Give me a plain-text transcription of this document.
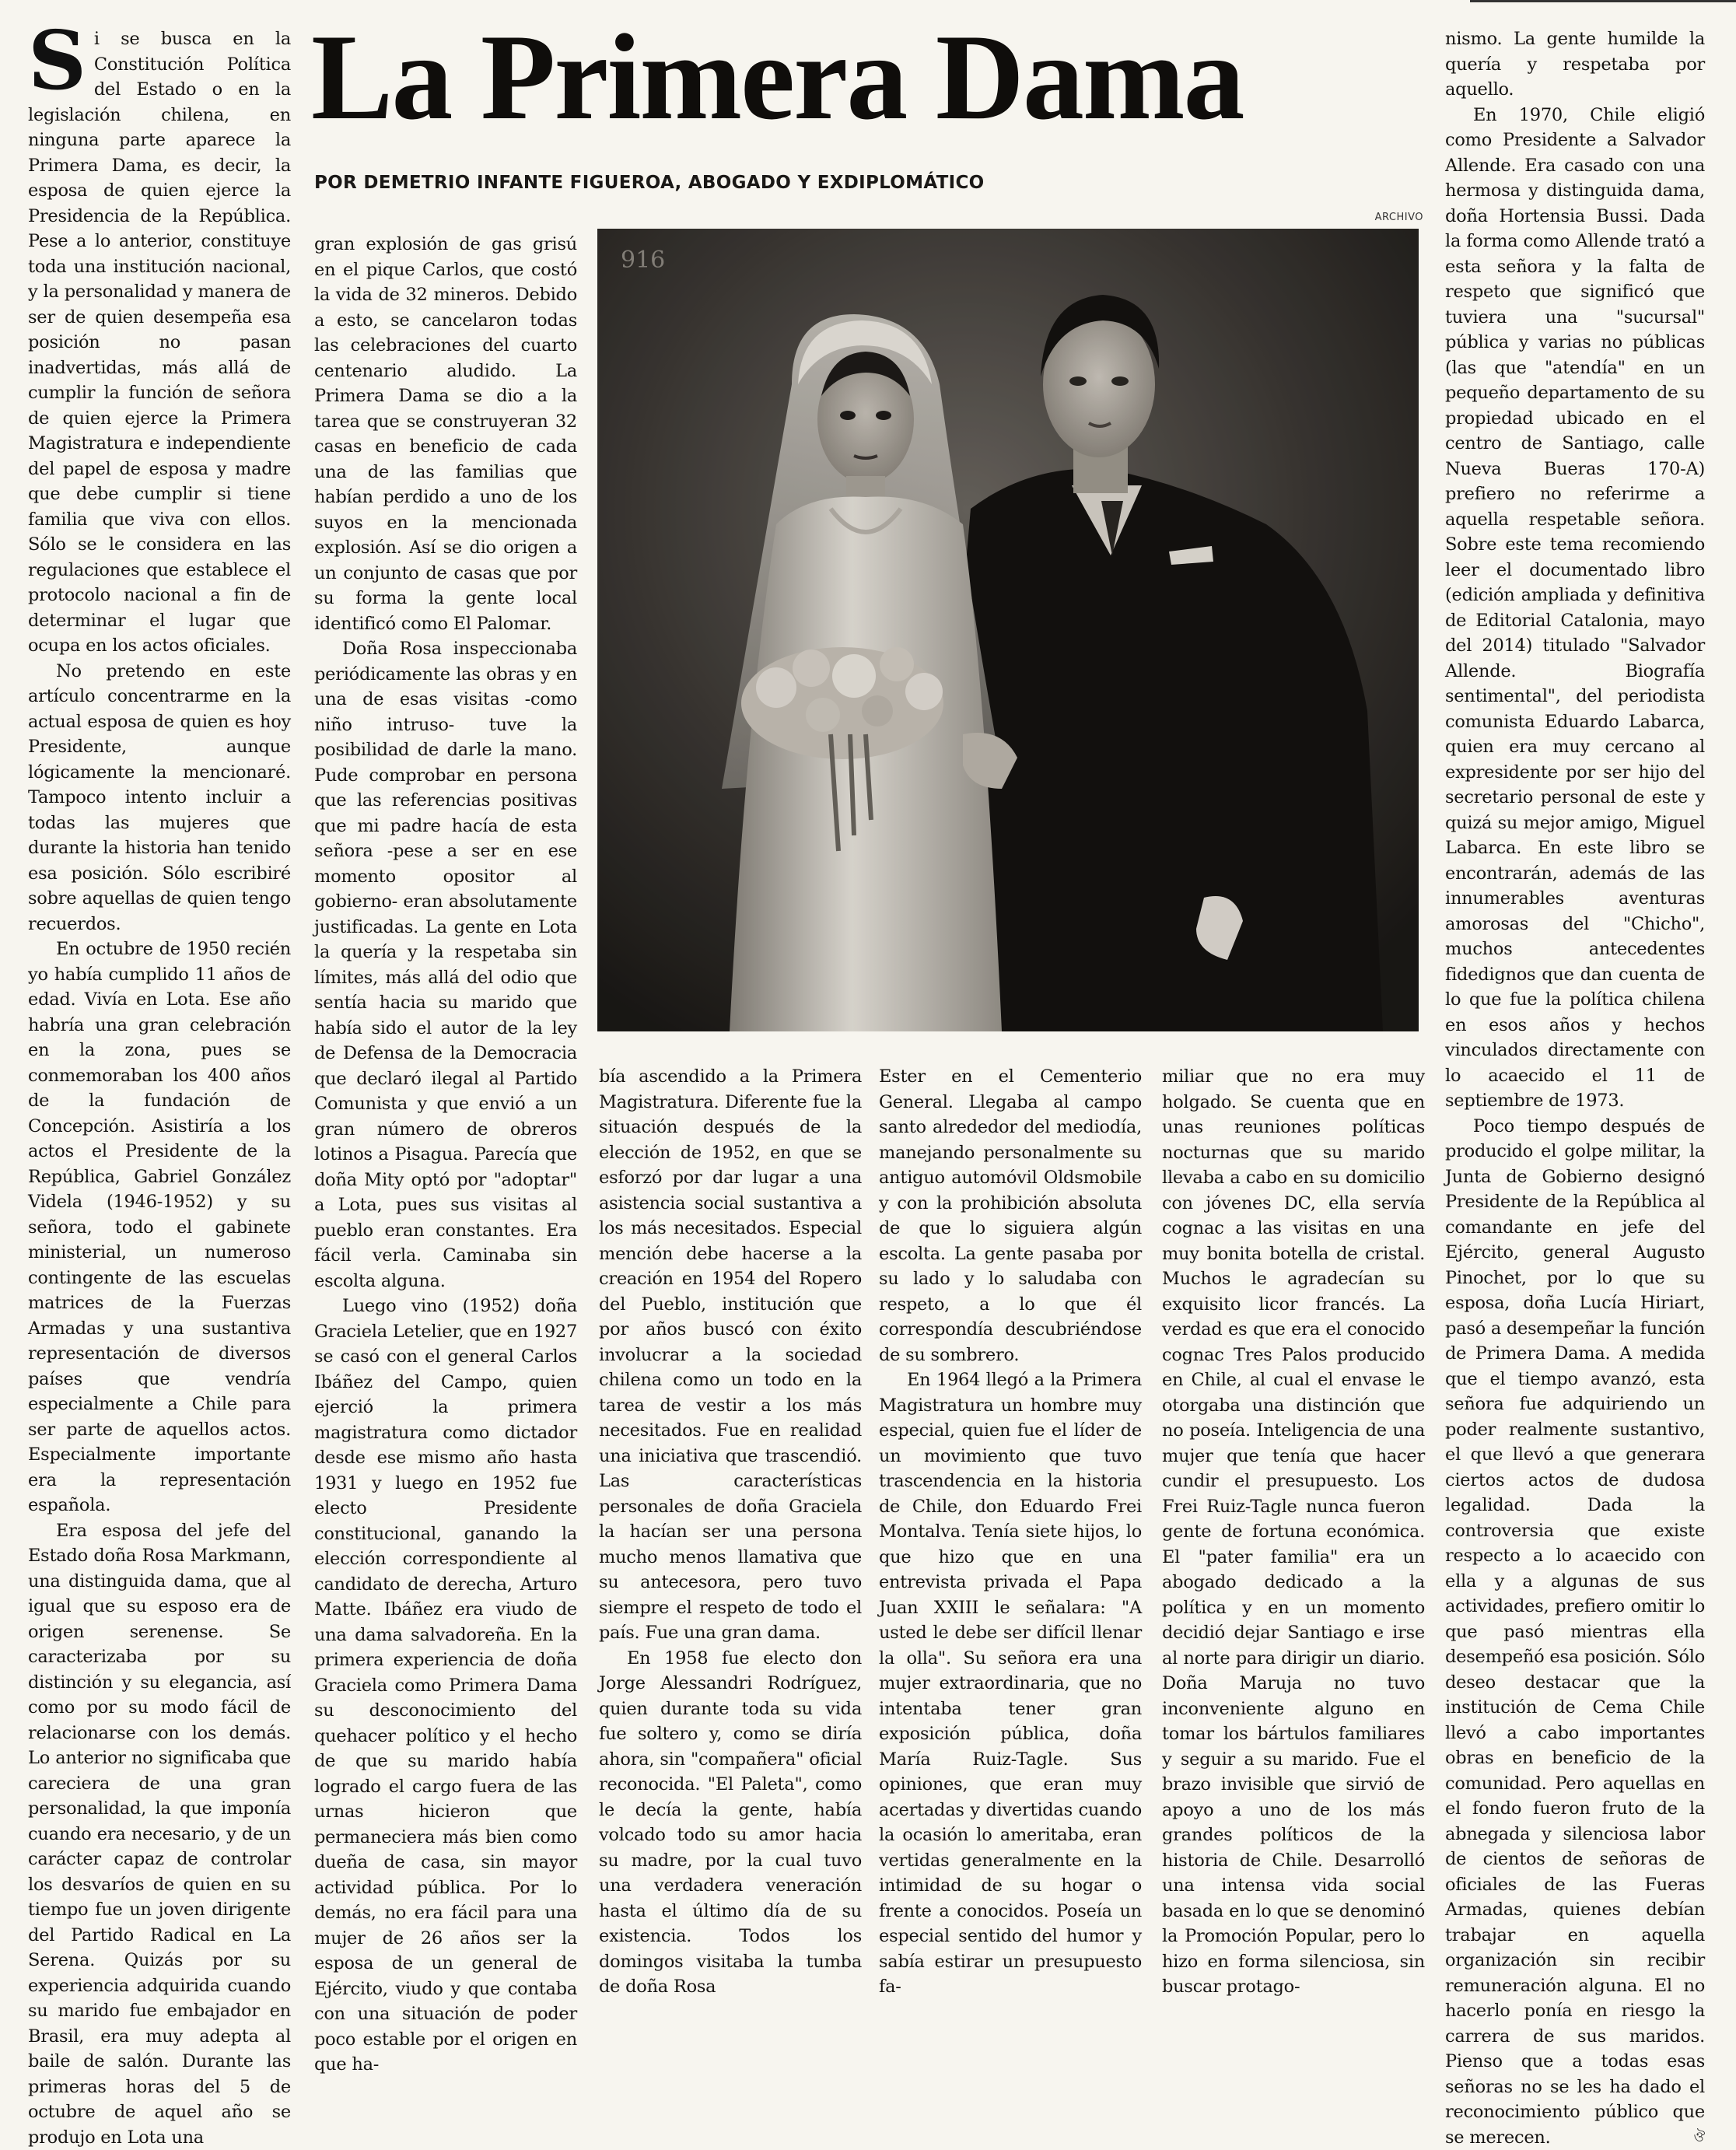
Si se busca en la Constitución Política del Estado o en la legislación chilena, en ninguna parte aparece la Primera Dama, es decir, la esposa de quien ejerce la Presidencia de la República. Pese a lo anterior, constituye toda una institución nacional, y la personalidad y manera de ser de quien desempeña esa posición no pasan inadvertidas, más allá de cumplir la función de señora de quien ejerce la Primera Magistratura e independiente del papel de esposa y madre que debe cumplir si tiene familia que viva con ellos. Sólo se le considera en las regulaciones que establece el protocolo nacional a fin de determinar el lugar que ocupa en los actos oficiales.

No pretendo en este artículo concentrarme en la actual esposa de quien es hoy Presidente, aunque lógicamente la mencionaré. Tampoco intento incluir a todas las mujeres que durante la historia han tenido esa posición. Sólo escribiré sobre aquellas de quien tengo recuerdos.

En octubre de 1950 recién yo había cumplido 11 años de edad. Vivía en Lota. Ese año habría una gran celebración en la zona, pues se conmemoraban los 400 años de la fundación de Concepción. Asistiría a los actos el Presidente de la República, Gabriel González Videla (1946-1952) y su señora, todo el gabinete ministerial, un numeroso contingente de las escuelas matrices de la Fuerzas Armadas y una sustantiva representación de diversos países que vendría especialmente a Chile para ser parte de aquellos actos. Especialmente importante era la representación española.

Era esposa del jefe del Estado doña Rosa Markmann, una distinguida dama, que al igual que su esposo era de origen serenense. Se caracterizaba por su distinción y su elegancia, así como por su modo fácil de relacionarse con los demás. Lo anterior no significaba que careciera de una gran personalidad, la que imponía cuando era necesario, y de un carácter capaz de controlar los desvaríos de quien en su tiempo fue un joven dirigente del Partido Radical en La Serena. Quizás por su experiencia adquirida cuando su marido fue embajador en Brasil, era muy adepta al baile de salón. Durante las primeras horas del 5 de octubre de aquel año se produjo en Lota una

La Primera Dama
POR DEMETRIO INFANTE FIGUEROA, ABOGADO Y EXDIPLOMÁTICO
ARCHIVO
916

gran explosión de gas grisú en el pique Carlos, que costó la vida de 32 mineros. Debido a esto, se cancelaron todas las celebraciones del cuarto centenario aludido. La Primera Dama se dio a la tarea que se construyeran 32 casas en beneficio de cada una de las familias que habían perdido a uno de los suyos en la mencionada explosión. Así se dio origen a un conjunto de casas que por su forma la gente local identificó como El Palomar.

Doña Rosa inspeccionaba periódicamente las obras y en una de esas visitas -como niño intruso- tuve la posibilidad de darle la mano. Pude comprobar en persona que las referencias positivas que mi padre hacía de esta señora -pese a ser en ese momento opositor al gobierno- eran absolutamente justificadas. La gente en Lota la quería y la respetaba sin límites, más allá del odio que sentía hacia su marido que había sido el autor de la ley de Defensa de la Democracia que declaró ilegal al Partido Comunista y que envió a un gran número de obreros lotinos a Pisagua. Parecía que doña Mity optó por "adoptar" a Lota, pues sus visitas al pueblo eran constantes. Era fácil verla. Caminaba sin escolta alguna.

Luego vino (1952) doña Graciela Letelier, que en 1927 se casó con el general Carlos Ibáñez del Campo, quien ejerció la primera magistratura como dictador desde ese mismo año hasta 1931 y luego en 1952 fue electo Presidente constitucional, ganando la elección correspondiente al candidato de derecha, Arturo Matte. Ibáñez era viudo de una dama salvadoreña. En la primera experiencia de doña Graciela como Primera Dama su desconocimiento del quehacer político y el hecho de que su marido había logrado el cargo fuera de las urnas hicieron que permaneciera más bien como dueña de casa, sin mayor actividad pública. Por lo demás, no era fácil para una mujer de 26 años ser la esposa de un general de Ejército, viudo y que contaba con una situación de poder poco estable por el origen en que ha-

bía ascendido a la Primera Magistratura. Diferente fue la situación después de la elección de 1952, en que se esforzó por dar lugar a una asistencia social sustantiva a los más necesitados. Especial mención debe hacerse a la creación en 1954 del Ropero del Pueblo, institución que por años buscó con éxito involucrar a la sociedad chilena como un todo en la tarea de vestir a los más necesitados. Fue en realidad una iniciativa que trascendió. Las características personales de doña Graciela la hacían ser una persona mucho menos llamativa que su antecesora, pero tuvo siempre el respeto de todo el país. Fue una gran dama.

En 1958 fue electo don Jorge Alessandri Rodríguez, quien durante toda su vida fue soltero y, como se diría ahora, sin "compañera" oficial reconocida. "El Paleta", como le decía la gente, había volcado todo su amor hacia su madre, por la cual tuvo una verdadera veneración hasta el último día de su existencia. Todos los domingos visitaba la tumba de doña Rosa

Ester en el Cementerio General. Llegaba al campo santo alrededor del mediodía, manejando personalmente su antiguo automóvil Oldsmobile y con la prohibición absoluta de que lo siguiera algún escolta. La gente pasaba por su lado y lo saludaba con respeto, a lo que él correspondía descubriéndose de su sombrero.

En 1964 llegó a la Primera Magistratura un hombre muy especial, quien fue el líder de un movimiento que tuvo trascendencia en la historia de Chile, don Eduardo Frei Montalva. Tenía siete hijos, lo que hizo que en una entrevista privada el Papa Juan XXIII le señalara: "A usted le debe ser difícil llenar la olla". Su señora era una mujer extraordinaria, que no intentaba tener gran exposición pública, doña María Ruiz-Tagle. Sus opiniones, que eran muy acertadas y divertidas cuando la ocasión lo ameritaba, eran vertidas generalmente en la intimidad de su hogar o frente a conocidos. Poseía un especial sentido del humor y sabía estirar un presupuesto fa-

miliar que no era muy holgado. Se cuenta que en unas reuniones políticas nocturnas que su marido llevaba a cabo en su domicilio con jóvenes DC, ella servía cognac a las visitas en una muy bonita botella de cristal. Muchos le agradecían su exquisito licor francés. La verdad es que era el conocido cognac Tres Palos producido en Chile, al cual el envase le otorgaba una distinción que no poseía. Inteligencia de una mujer que tenía que hacer cundir el presupuesto. Los Frei Ruiz-Tagle nunca fueron gente de fortuna económica. El "pater familia" era un abogado dedicado a la política y en un momento decidió dejar Santiago e irse al norte para dirigir un diario. Doña Maruja no tuvo inconveniente alguno en tomar los bártulos familiares y seguir a su marido. Fue el brazo invisible que sirvió de apoyo a uno de los más grandes políticos de la historia de Chile. Desarrolló una intensa vida social basada en lo que se denominó la Promoción Popular, pero lo hizo en forma silenciosa, sin buscar protago-

nismo. La gente humilde la quería y respetaba por aquello.

En 1970, Chile eligió como Presidente a Salvador Allende. Era casado con una hermosa y distinguida dama, doña Hortensia Bussi. Dada la forma como Allende trató a esta señora y la falta de respeto que significó que tuviera una "sucursal" pública y varias no públicas (las que "atendía" en un pequeño departamento de su propiedad ubicado en el centro de Santiago, calle Nueva Bueras 170-A) prefiero no referirme a aquella respetable señora. Sobre este tema recomiendo leer el documentado libro (edición ampliada y definitiva de Editorial Catalonia, mayo del 2014) titulado "Salvador Allende. Biografía sentimental", del periodista comunista Eduardo Labarca, quien era muy cercano al expresidente por ser hijo del secretario personal de este y quizá su mejor amigo, Miguel Labarca. En este libro se encontrarán, además de las innumerables aventuras amorosas del "Chicho", muchos antecedentes fidedignos que dan cuenta de lo que fue la política chilena en esos años y hechos vinculados directamente con lo acaecido el 11 de septiembre de 1973.

Poco tiempo después de producido el golpe militar, la Junta de Gobierno designó Presidente de la República al comandante en jefe del Ejército, general Augusto Pinochet, por lo que su esposa, doña Lucía Hiriart, pasó a desempeñar la función de Primera Dama. A medida que el tiempo avanzó, esta señora fue adquiriendo un poder realmente sustantivo, el que llevó a que generara ciertos actos de dudosa legalidad. Dada la controversia que existe respecto a lo acaecido con ella y a algunas de sus actividades, prefiero omitir lo que pasó mientras ella desempeñó esa posición. Sólo deseo destacar que la institución de Cema Chile llevó a cabo importantes obras en beneficio de la comunidad. Pero aquellas en el fondo fueron fruto de la abnegada y silenciosa labor de cientos de señoras de oficiales de las Fueras Armadas, quienes debían trabajar en aquella organización sin recibir remuneración alguna. El no hacerlo ponía en riesgo la carrera de sus maridos. Pienso que a todas esas señoras no se les ha dado el reconocimiento público que se merecen.	ঔ
